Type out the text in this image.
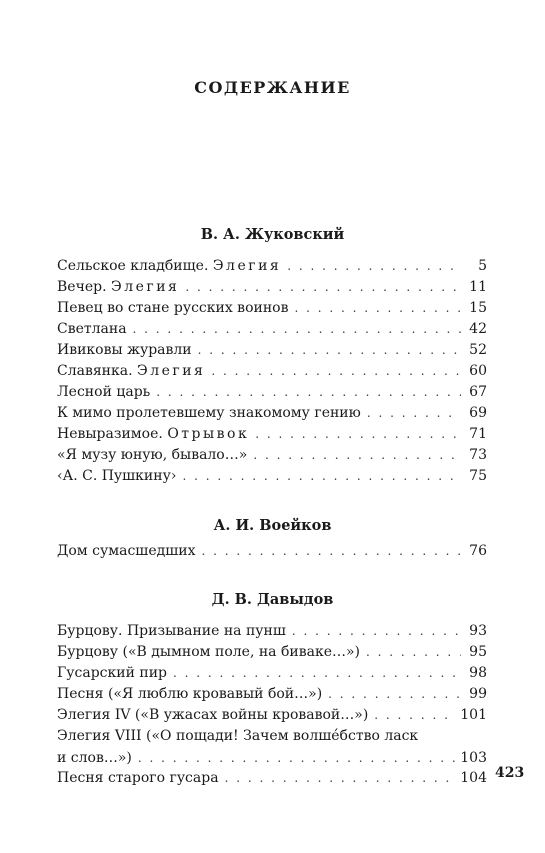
СОДЕРЖАНИЕ
В. А. Жуковский
Сельское кладбище. Элегия . . .	5
Вечер. Элегия . . .	11
Певец во стане русских воинов . . .	15
Светлана . . .	42
Ивиковы журавли . . .	52
Славянка. Элегия . . .	60
Лесной царь . . .	67
К мимо пролетевшему знакомому гению . . .	69
Невыразимое. Отрывок . . .	71
«Я музу юную, бывало…» . . .	73
‹А. С. Пушкину› . . .	75
А. И. Воейков
Дом сумасшедших . . .	76
Д. В. Давыдов
Бурцову. Призывание на пунш . . .	93
Бурцову («В дымном поле, на биваке…») . . .	95
Гусарский пир . . .	98
Песня («Я люблю кровавый бой…») . . .	99
Элегия IV («В ужасах войны кровавой…») . . .	101
Элегия VIII («О пощади! Зачем волшéбство ласк
и слов…») . . .	103
Песня старого гусара . . .	104 423
